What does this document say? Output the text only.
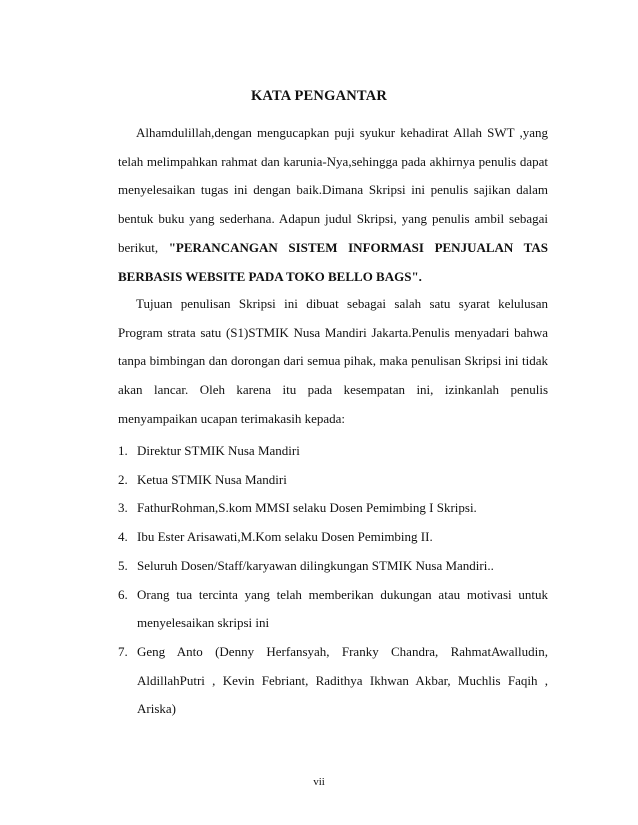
KATA PENGANTAR
Alhamdulillah,dengan mengucapkan puji syukur kehadirat Allah SWT ,yang telah melimpahkan rahmat dan karunia-Nya,sehingga pada akhirnya penulis dapat menyelesaikan tugas ini dengan baik.Dimana Skripsi ini penulis sajikan dalam bentuk buku yang sederhana. Adapun judul Skripsi, yang penulis ambil sebagai berikut, "PERANCANGAN SISTEM INFORMASI PENJUALAN TAS BERBASIS WEBSITE PADA TOKO BELLO BAGS".
Tujuan penulisan Skripsi ini dibuat sebagai salah satu syarat kelulusan Program strata satu (S1)STMIK Nusa Mandiri Jakarta.Penulis menyadari bahwa tanpa bimbingan dan dorongan dari semua pihak, maka penulisan Skripsi ini tidak akan lancar. Oleh karena itu pada kesempatan ini, izinkanlah penulis menyampaikan ucapan terimakasih kepada:
1. Direktur STMIK Nusa Mandiri
2. Ketua STMIK Nusa Mandiri
3. FathurRohman,S.kom MMSI selaku Dosen Pemimbing I Skripsi.
4. Ibu Ester Arisawati,M.Kom selaku Dosen Pemimbing II.
5. Seluruh Dosen/Staff/karyawan dilingkungan STMIK Nusa Mandiri..
6. Orang tua tercinta yang telah memberikan dukungan atau motivasi untuk menyelesaikan skripsi ini
7. Geng Anto (Denny Herfansyah, Franky Chandra, RahmatAwalludin, AldillahPutri , Kevin Febriant, Radithya Ikhwan Akbar, Muchlis Faqih , Ariska)
vii
